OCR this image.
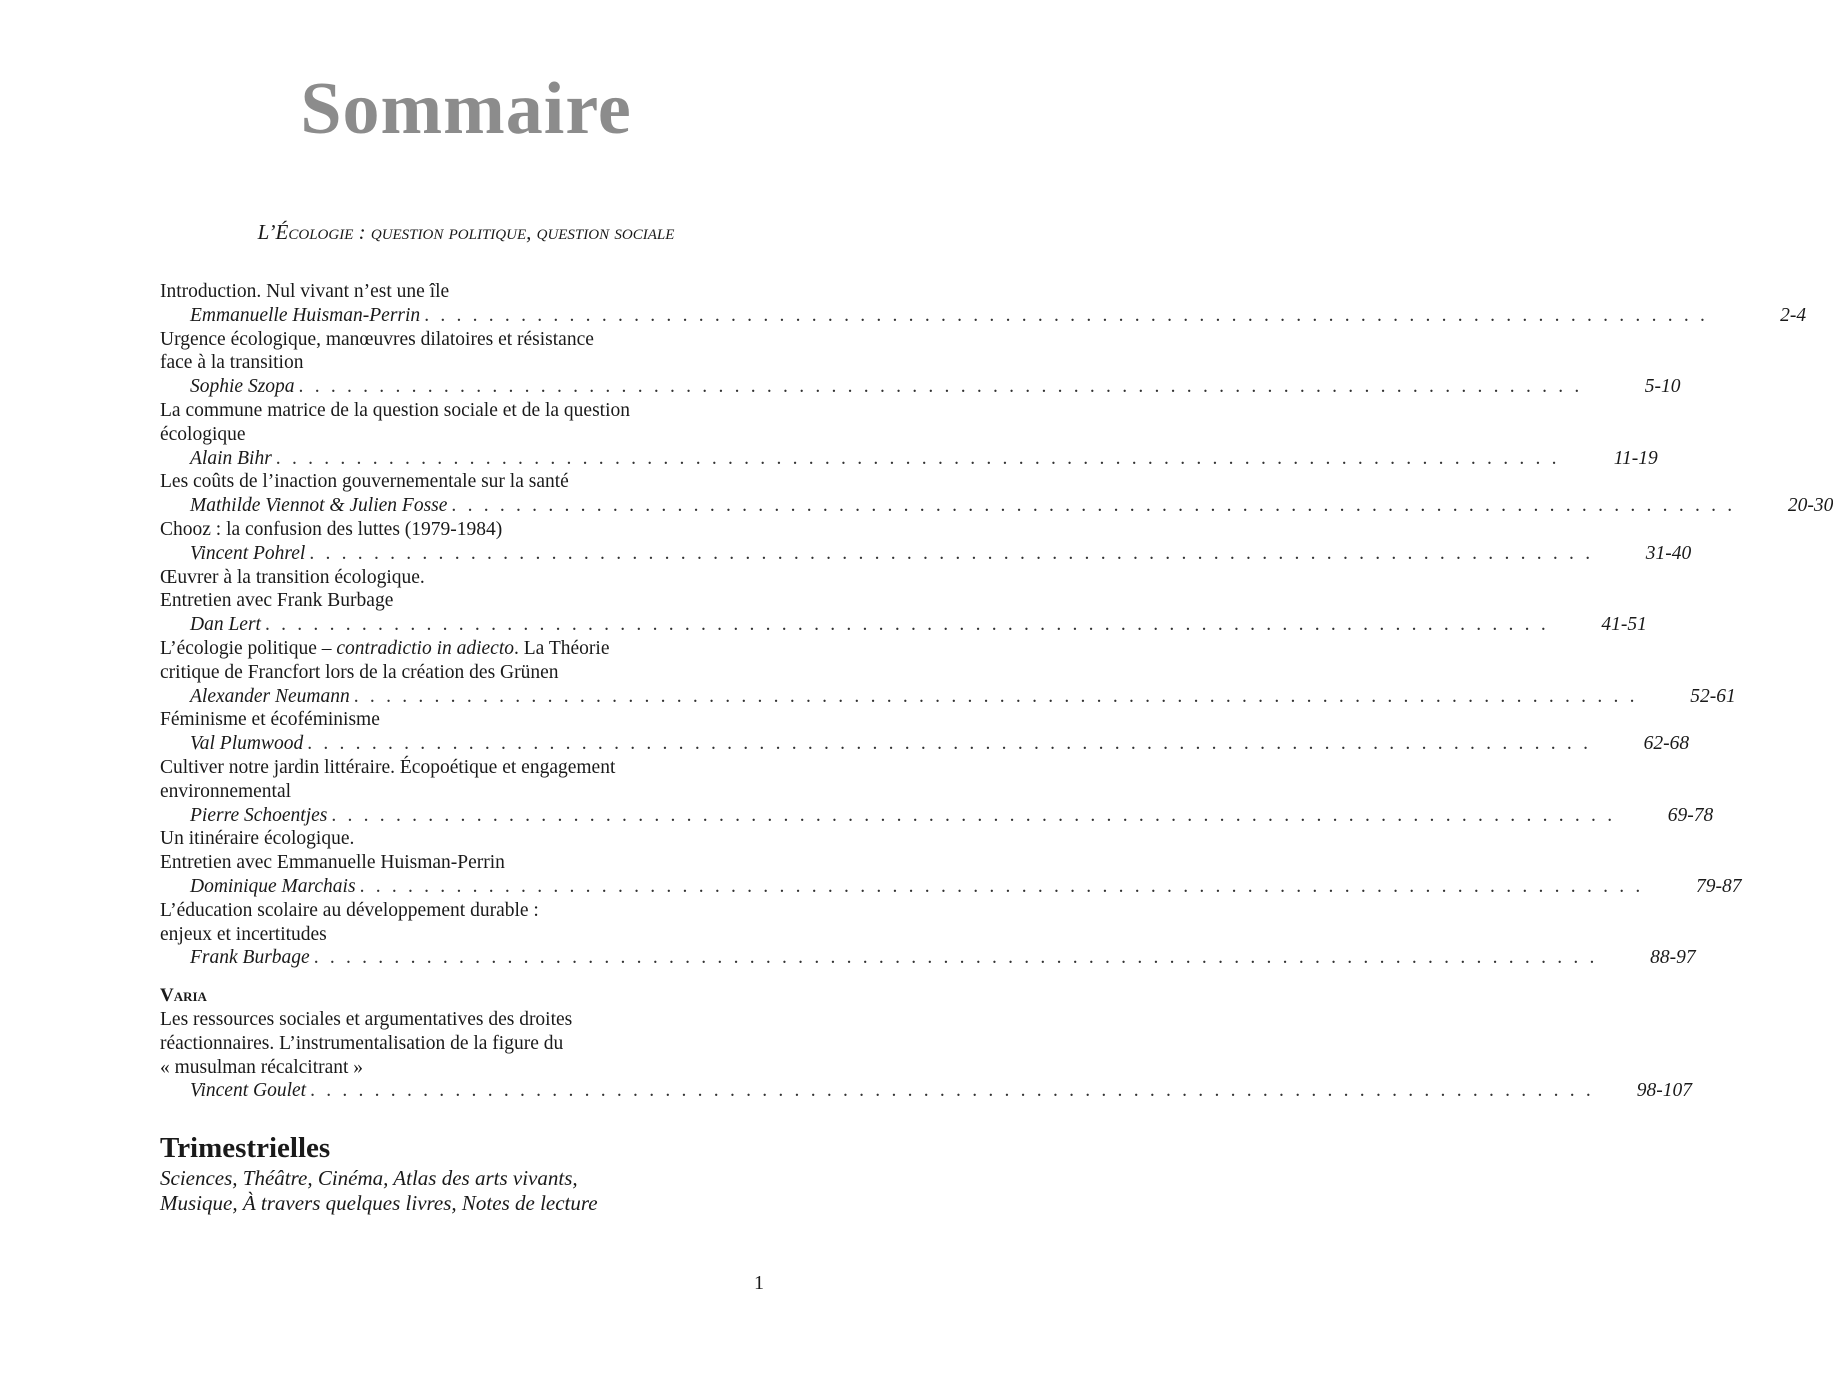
Sommaire
L’Écologie : question politique, question sociale
Introduction. Nul vivant n’est une île
Emmanuelle Huisman-Perrin . . . . . . . . . . . . . . . . . . . . . . . . . . . . . . . . . . . . . . . . . . . . . . . . . . . . . . . . . . . . . . . . . . . . . . . . . . . . . . . .	2-4
Urgence écologique, manœuvres dilatoires et résistance
face à la transition
Sophie Szopa . . . . . . . . . . . . . . . . . . . . . . . . . . . . . . . . . . . . . . . . . . . . . . . . . . . . . . . . . . . . . . . . . . . . . . . . . . . . . . . .	5-10
La commune matrice de la question sociale et de la question
écologique
Alain Bihr . . . . . . . . . . . . . . . . . . . . . . . . . . . . . . . . . . . . . . . . . . . . . . . . . . . . . . . . . . . . . . . . . . . . . . . . . . . . . . . .	11-19
Les coûts de l’inaction gouvernementale sur la santé
Mathilde Viennot & Julien Fosse . . . . . . . . . . . . . . . . . . . . . . . . . . . . . . . . . . . . . . . . . . . . . . . . . . . . . . . . . . . . . . . . . . . . . . . . . . . . . . . .	20-30
Chooz : la confusion des luttes (1979-1984)
Vincent Pohrel . . . . . . . . . . . . . . . . . . . . . . . . . . . . . . . . . . . . . . . . . . . . . . . . . . . . . . . . . . . . . . . . . . . . . . . . . . . . . . . .	31-40
Œuvrer à la transition écologique.
Entretien avec Frank Burbage
Dan Lert . . . . . . . . . . . . . . . . . . . . . . . . . . . . . . . . . . . . . . . . . . . . . . . . . . . . . . . . . . . . . . . . . . . . . . . . . . . . . . . .	41-51
L’écologie politique – contradictio in adiecto. La Théorie
critique de Francfort lors de la création des Grünen
Alexander Neumann . . . . . . . . . . . . . . . . . . . . . . . . . . . . . . . . . . . . . . . . . . . . . . . . . . . . . . . . . . . . . . . . . . . . . . . . . . . . . . . .	52-61
Féminisme et écoféminisme
Val Plumwood . . . . . . . . . . . . . . . . . . . . . . . . . . . . . . . . . . . . . . . . . . . . . . . . . . . . . . . . . . . . . . . . . . . . . . . . . . . . . . . .	62-68
Cultiver notre jardin littéraire. Écopoétique et engagement
environnemental
Pierre Schoentjes . . . . . . . . . . . . . . . . . . . . . . . . . . . . . . . . . . . . . . . . . . . . . . . . . . . . . . . . . . . . . . . . . . . . . . . . . . . . . . . .	69-78
Un itinéraire écologique.
Entretien avec Emmanuelle Huisman-Perrin
Dominique Marchais . . . . . . . . . . . . . . . . . . . . . . . . . . . . . . . . . . . . . . . . . . . . . . . . . . . . . . . . . . . . . . . . . . . . . . . . . . . . . . . .	79-87
L’éducation scolaire au développement durable :
enjeux et incertitudes
Frank Burbage . . . . . . . . . . . . . . . . . . . . . . . . . . . . . . . . . . . . . . . . . . . . . . . . . . . . . . . . . . . . . . . . . . . . . . . . . . . . . . . .	88-97
Varia
Les ressources sociales et argumentatives des droites
réactionnaires. L’instrumentalisation de la figure du
« musulman récalcitrant »
Vincent Goulet . . . . . . . . . . . . . . . . . . . . . . . . . . . . . . . . . . . . . . . . . . . . . . . . . . . . . . . . . . . . . . . . . . . . . . . . . . . . . . . .	98-107
Trimestrielles
Sciences, Théâtre, Cinéma, Atlas des arts vivants,
Musique, À travers quelques livres, Notes de lecture
1
